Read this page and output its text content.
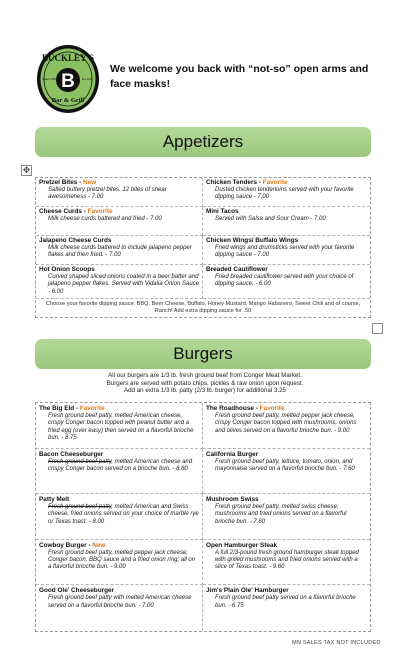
BUCKLEY'S
B
Hobarts 1981	Est. 2011
Bar & Grill
We welcome you back with “not-so” open arms and face masks!
Appetizers
✥
Pretzel Bites - New
Salted buttery pretzel bites. 12 bites of shear awesomeness - 7.00
Chicken Tenders - Favorite
Dusted chicken tenderloins served with your favorite dipping sauce - 7.00
Cheese Curds - Favorite
Milk cheese curds battered and fried - 7.00
Mini Tacos
Served with Salsa and Sour Cream - 7.00
Jalapeno Cheese Curds
Milk cheese curds battered to include jalapeno pepper flakes and then fried. - 7.00
Chicken Wings/ Buffalo Wings
Fried wings and drumsticks served with your favorite dipping sauce - 7.00
Hot Onion Scoops
Curved shaped sliced onions coated in a beer batter and jalapeno pepper flakes. Served with Vidalia Onion Sauce - 6.00
Breaded Cauliflower
Fried breaded cauliflower served with your choice of dipping sauce. - 6.00
Choose your favorite dipping sauce: BBQ, Beer Cheese, Buffalo, Honey Mustard, Mango Habanero, Sweet Chili and of course, Ranch! Add extra dipping sauce for .50
Burgers
All our burgers are 1/3 lb. fresh ground beef from Conger Meat Market.
Burgers are served with potato chips, pickles & raw onion upon request.
Add an extra 1/3 lb. patty (2/3 lb. burger) for additional 3.25
The Big Eld - Favorite
Fresh ground beef patty, melted American cheese, crispy Conger bacon topped with peanut butter and a fried egg (over easy) then served on a flavorful brioche bun. - 8.75
The Roadhouse - Favorite
Fresh ground beef patty, melted pepper jack cheese, crispy Conger bacon topped with mushrooms, onions and olives served on a flavorful brioche bun. - 9.00
Bacon Cheeseburger
Fresh ground beef patty, melted American cheese and crispy Conger bacon served on a brioche bun. - 8.60
California Burger
Fresh ground beef patty, lettuce, tomato, onion, and mayonnaise served on a flavorful brioche bun. - 7.60
Patty Melt
Fresh ground beef patty, melted American and Swiss cheese, fried onions served on your choice of marble rye or Texas toast. - 8.00
Mushroom Swiss
Fresh ground beef patty, melted swiss cheese, mushrooms and fried onions served on a flavorful brioche bun. - 7.60
Cowboy Burger - New
Fresh ground beef patty, melted pepper jack cheese, Conger bacon, BBQ sauce and a fried onion ring; all on a flavorful brioche bun. - 9.00
Open Hamburger Steak
A full 2/3-pound fresh ground hamburger steak topped with grilled mushrooms and fried onions served with a slice of Texas toast. - 9.60
Good Ole' Cheeseburger
Fresh ground beef patty with melted American cheese served on a flavorful brioche bun. - 7.00
Jim's Plain Ole' Hamburger
Fresh ground beef patty served on a flavorful brioche bun. - 6.75
MN SALES TAX NOT INCLUDED
